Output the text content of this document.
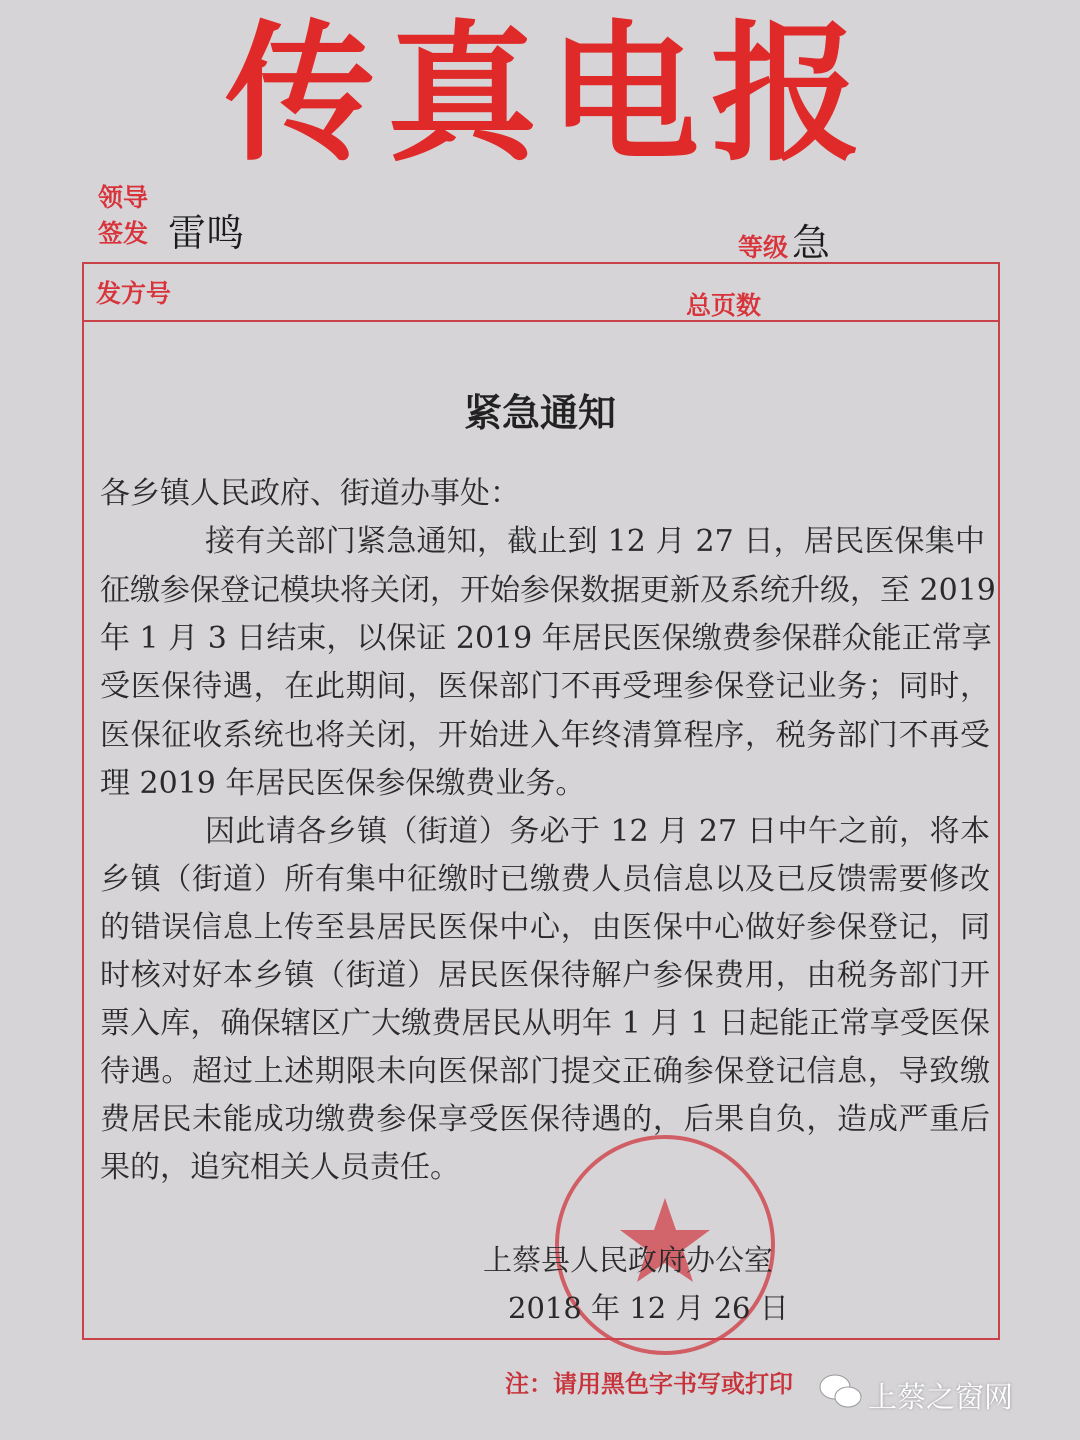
传真电报
领导
签发 雷鸣	等级 急
发方号	总页数
紧急通知
各乡镇人民政府、街道办事处：
接有关部门紧急通知，截止到 12 月 27 日，居民医保集中
征缴参保登记模块将关闭，开始参保数据更新及系统升级，至 2019
年 1 月 3 日结束，以保证 2019 年居民医保缴费参保群众能正常享
受医保待遇，在此期间，医保部门不再受理参保登记业务；同时，
医保征收系统也将关闭，开始进入年终清算程序，税务部门不再受
理 2019 年居民医保参保缴费业务。
因此请各乡镇（街道）务必于 12 月 27 日中午之前，将本
乡镇（街道）所有集中征缴时已缴费人员信息以及已反馈需要修改
的错误信息上传至县居民医保中心，由医保中心做好参保登记，同
时核对好本乡镇（街道）居民医保待解户参保费用，由税务部门开
票入库，确保辖区广大缴费居民从明年 1 月 1 日起能正常享受医保
待遇。超过上述期限未向医保部门提交正确参保登记信息，导致缴
费居民未能成功缴费参保享受医保待遇的，后果自负，造成严重后
果的，追究相关人员责任。
上蔡县人民政府办公室
2018 年 12 月 26 日
注：请用黑色字书写或打印	上蔡之窗网
